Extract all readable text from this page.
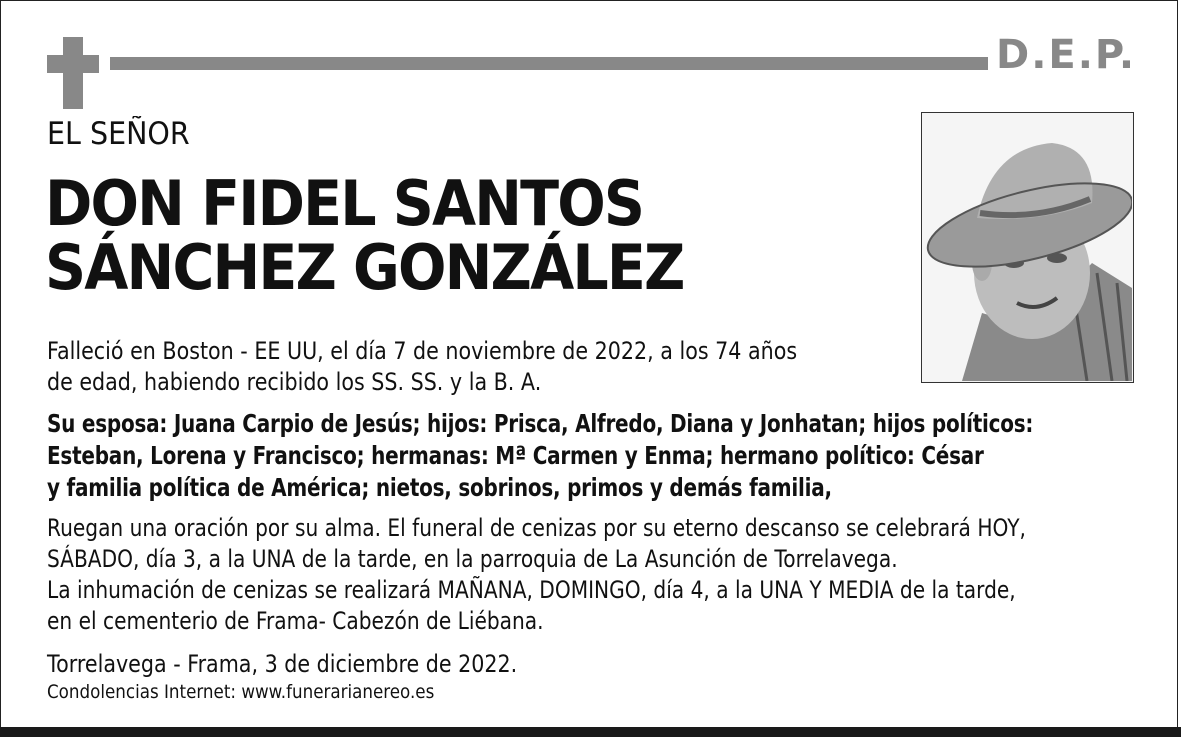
D.E.P.
EL SEÑOR
DON FIDEL SANTOS
SÁNCHEZ GONZÁLEZ
Falleció en Boston - EE UU, el día 7 de noviembre de 2022, a los 74 años
de edad, habiendo recibido los SS. SS. y la B. A.
Su esposa: Juana Carpio de Jesús; hijos: Prisca, Alfredo, Diana y Jonhatan; hijos políticos:
Esteban, Lorena y Francisco; hermanas: Mª Carmen y Enma; hermano político: César
y familia política de América; nietos, sobrinos, primos y demás familia,
Ruegan una oración por su alma. El funeral de cenizas por su eterno descanso se celebrará HOY,
SÁBADO, día 3, a la UNA de la tarde, en la parroquia de La Asunción de Torrelavega.
La inhumación de cenizas se realizará MAÑANA, DOMINGO, día 4, a la UNA Y MEDIA de la tarde,
en el cementerio de Frama- Cabezón de Liébana.
Torrelavega - Frama, 3 de diciembre de 2022.
Condolencias Internet: www.funerarianereo.es
